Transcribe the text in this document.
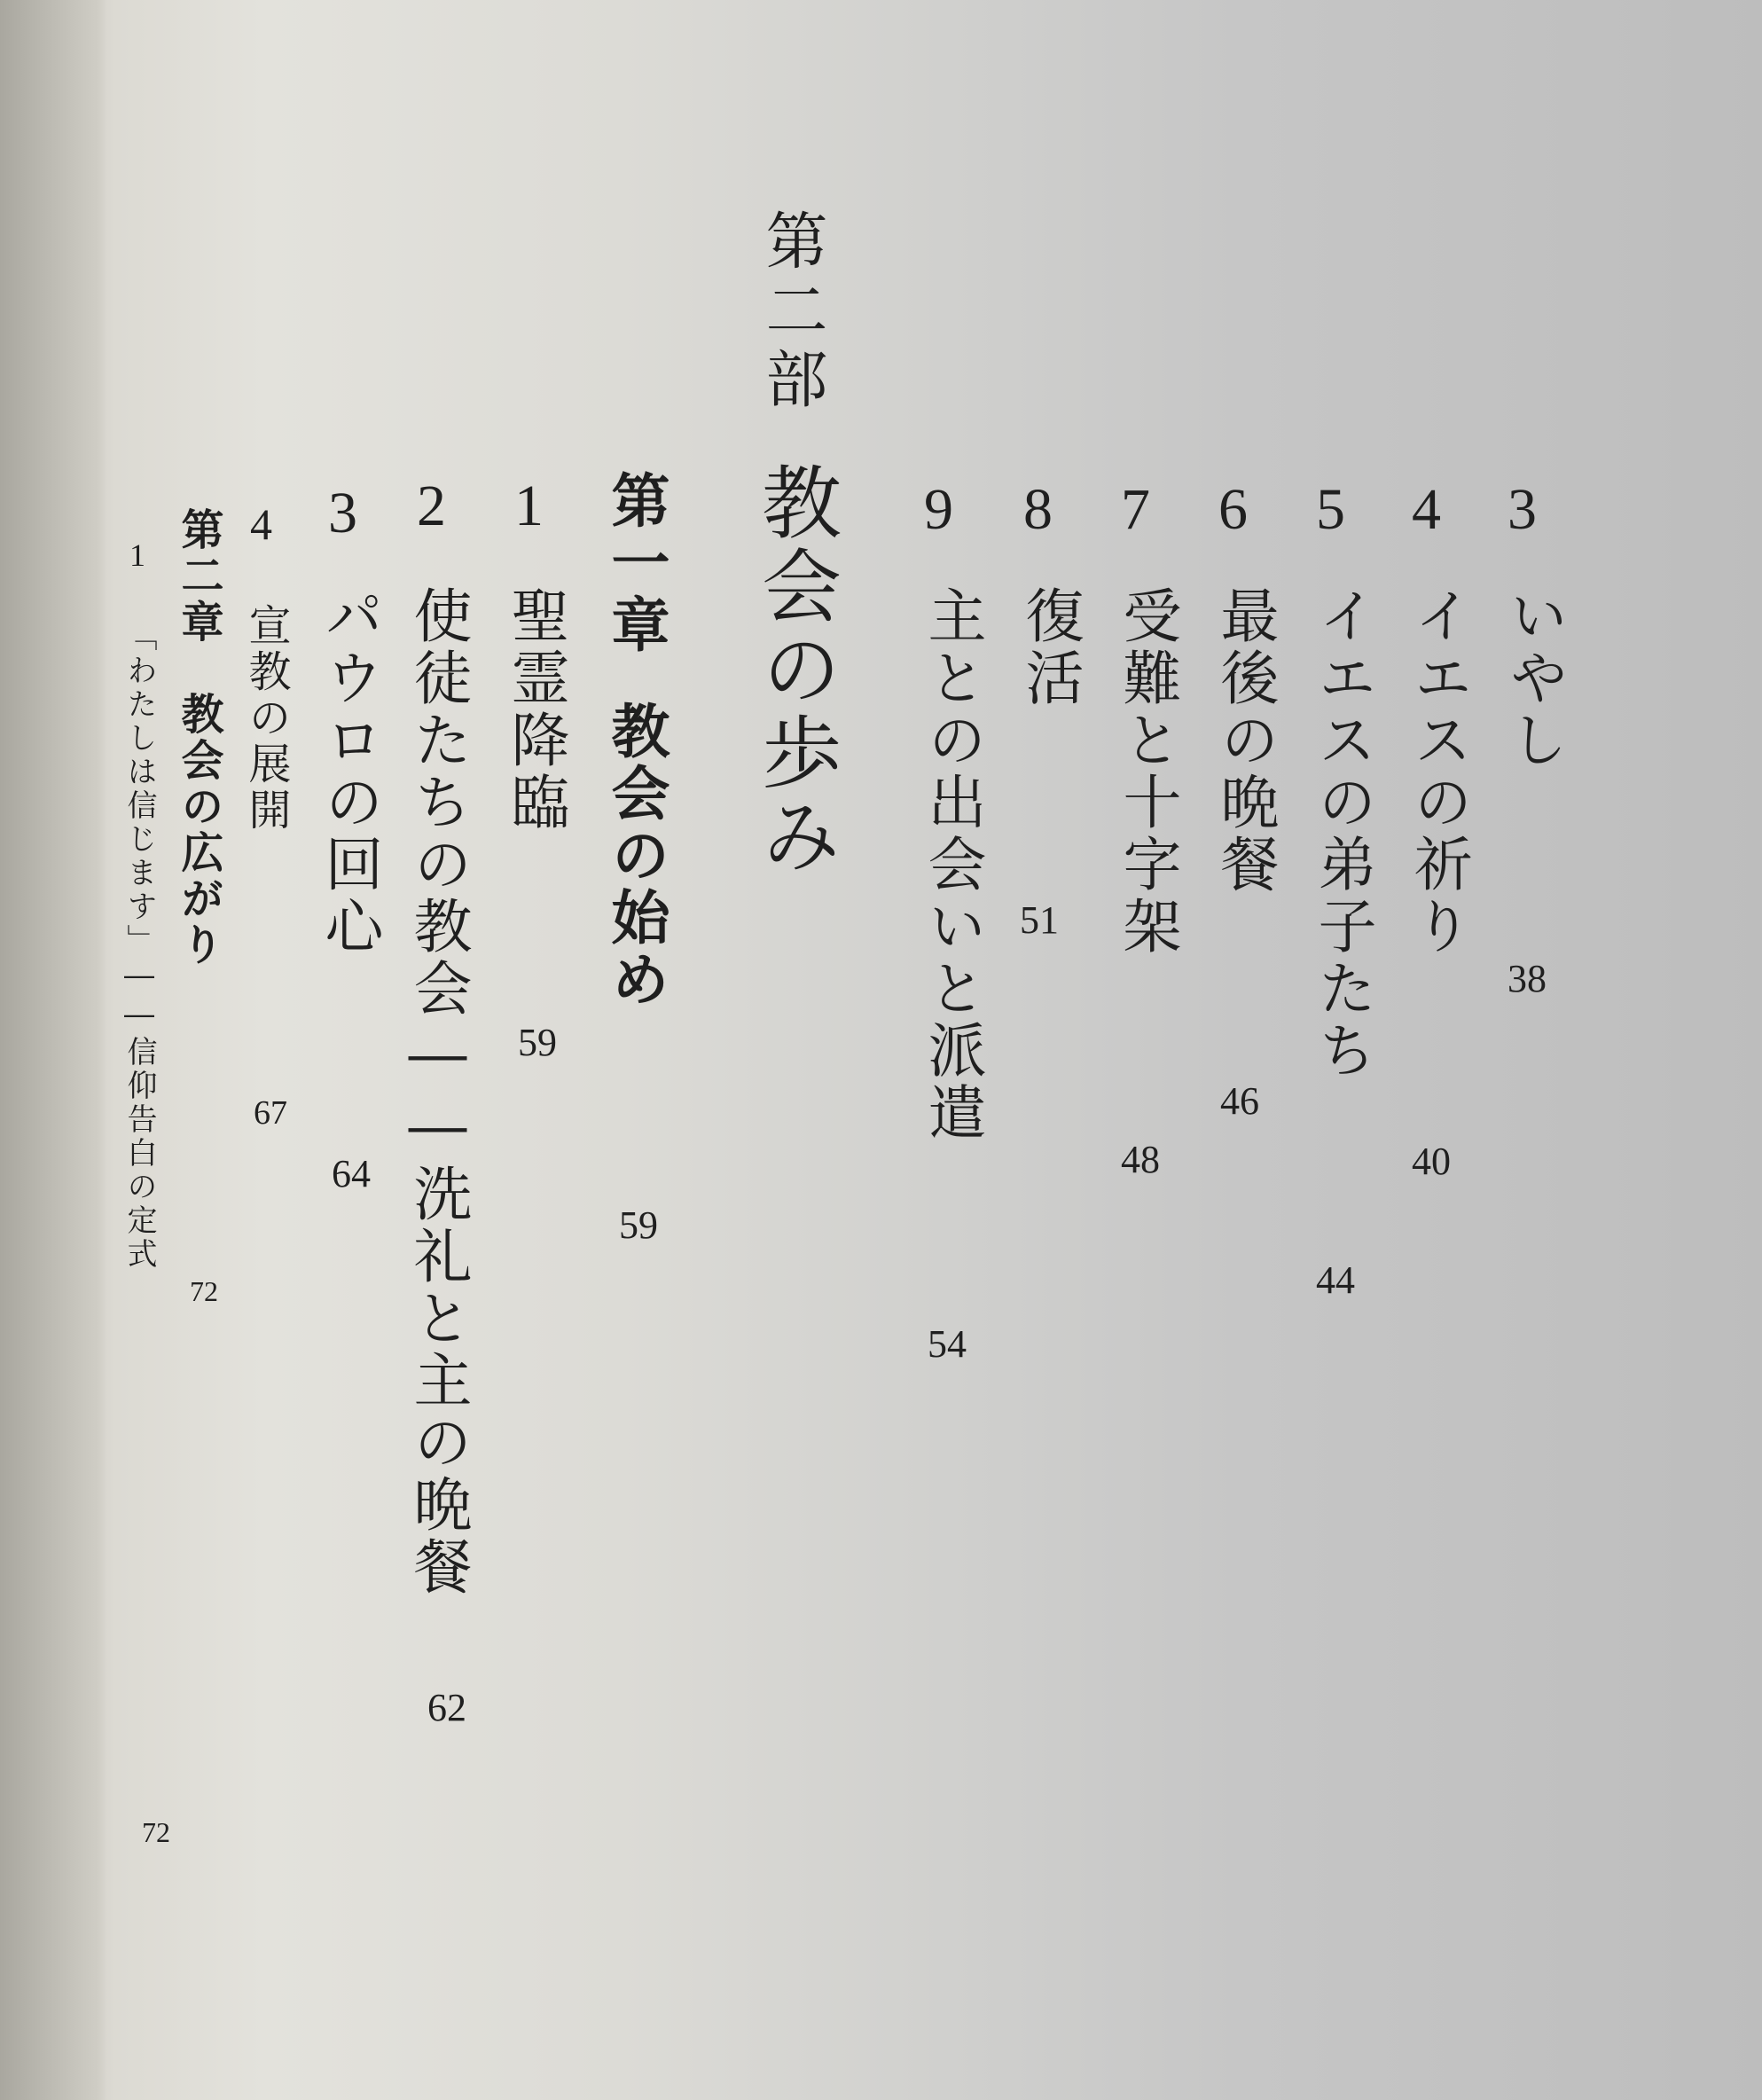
第二部
教会の歩み	3
いやし
38
4
イエスの祈り
40
5
イエスの弟子たち
44
6
最後の晩餐
46
7
受難と十字架
48
8
復活
51
9
主との出会いと派遣
54
第一章
教会の始め
59
1
聖霊降臨
59
2
使徒たちの教会――洗礼と主の晩餐
62
3
パウロの回心
64
4
宣教の展開
67
第二章
教会の広がり
72
1
「わたしは信じます」――信仰告白の定式
72
